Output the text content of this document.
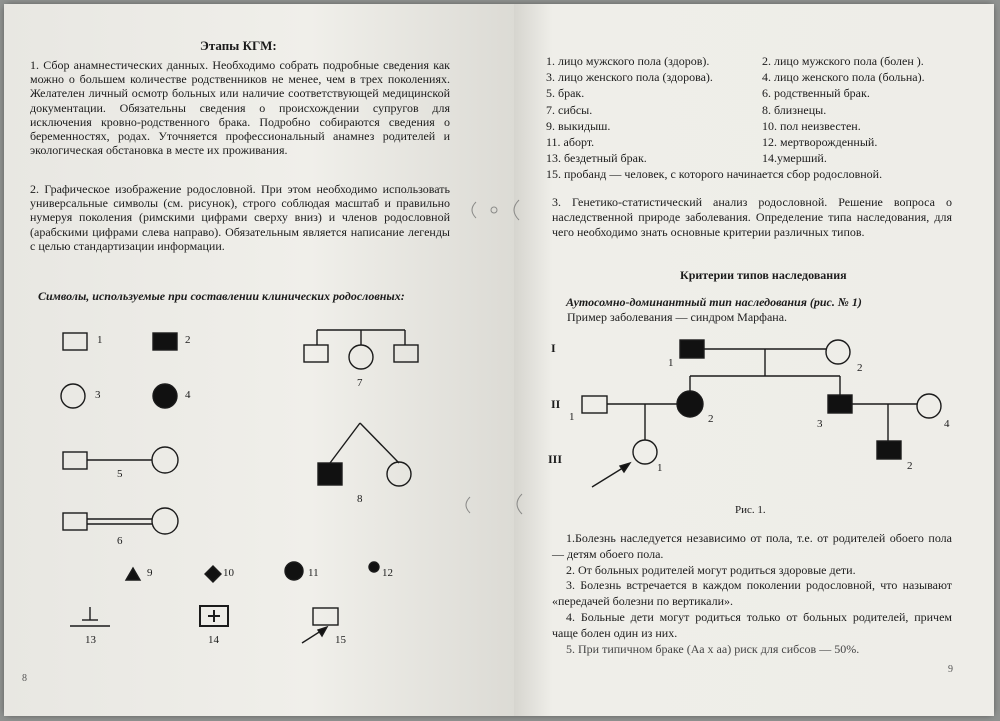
Этапы КГМ:
1. Сбор анамнестических данных. Необходимо собрать подробные сведения как можно о большем количестве родственников не менее, чем в трех поколениях. Желателен личный осмотр больных или наличие соответствующей медицинской документации. Обязательны сведения о происхождении супругов для исключения кровно-родственного брака. Подробно собираются сведения о беременностях, родах. Уточняется профессиональный анамнез родителей и экологическая обстановка в месте их проживания.
2. Графическое изображение родословной. При этом необходимо использовать универсальные символы (см. рисунок), строго соблюдая масштаб и правильно нумеруя поколения (римскими цифрами сверху вниз) и членов родословной (арабскими цифрами слева направо). Обязательным является написание легенды с целью стандартизации информации.
Символы, используемые при составлении клинических родословных:
1	2
3	4
5
6
7
8
9	10	11	12
13	14	15
8
1. лицо мужского пола (здоров).	2. лицо мужского пола (болен ).
3. лицо женского пола (здорова).	4. лицо женского пола (больна).
5. брак.	6. родственный брак.
7. сибсы.	8. близнецы.
9. выкидыш.	10. пол неизвестен.
11. аборт.	12. мертворожденный.
13. бездетный брак.	14.умерший.
15. пробанд — человек, с которого начинается сбор родословной.
3. Генетико-статистический анализ родословной. Решение вопроса о наследственной природе заболевания. Определение типа наследования, для чего необходимо знать основные критерии различных типов.
Критерии типов наследования
Аутосомно-доминантный тип наследования (рис. № 1)
Пример заболевания — синдром Марфана.
I
II
III
1	2
1	2	3	4
2
1
Рис. 1.

1.Болезнь наследуется независимо от пола, т.е. от родителей обоего пола — детям обоего пола.

2. От больных родителей могут родиться здоровые дети.

3. Болезнь встречается в каждом поколении родословной, что называют «передачей болезни по вертикали».

4. Больные дети могут родиться только от больных родителей, причем чаще болен один из них.

5. При типичном браке (Аа х аа) риск для сибсов — 50%.

9
